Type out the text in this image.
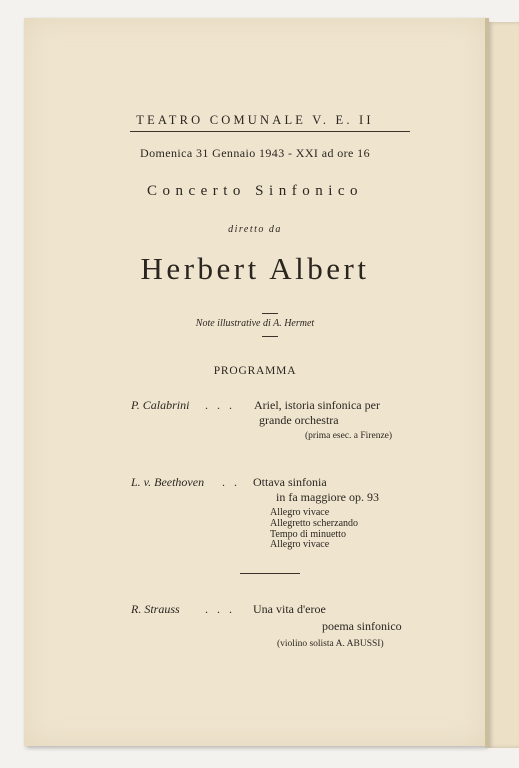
TEATRO COMUNALE V. E. II
Domenica 31 Gennaio 1943 - XXI ad ore 16
Concerto Sinfonico
diretto da
Herbert Albert
Note illustrative di A. Hermet
PROGRAMMA
P. Calabrini . . . Ariel, istoria sinfonica per
grande orchestra
(prima esec. a Firenze)
L. v. Beethoven . . Ottava sinfonia
in fa maggiore op. 93
Allegro vivace
Allegretto scherzando
Tempo di minuetto
Allegro vivace
R. Strauss . . . Una vita d'eroe
poema sinfonico
(violino solista A. ABUSSI)
